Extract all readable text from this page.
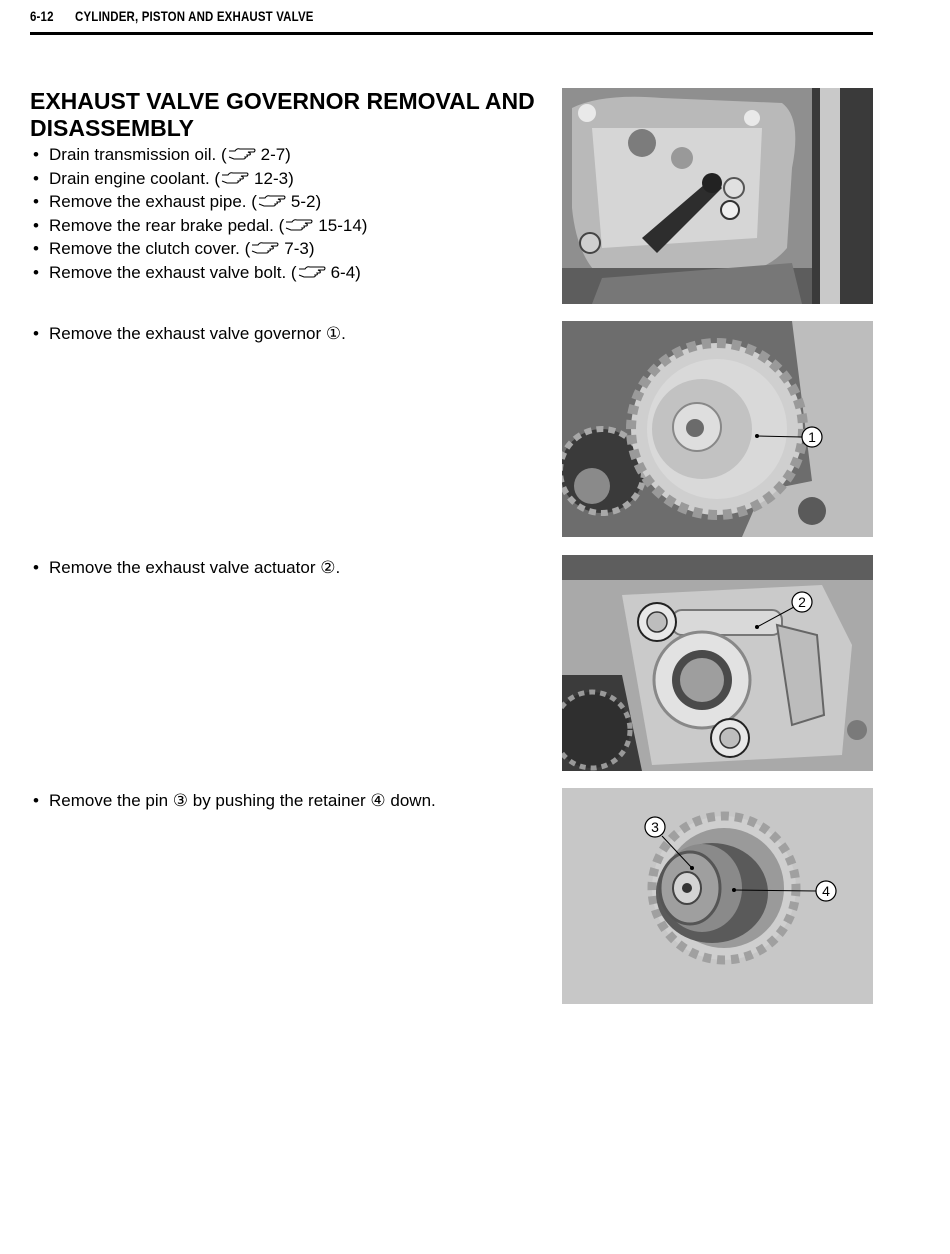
6-12 CYLINDER, PISTON AND EXHAUST VALVE
EXHAUST VALVE GOVERNOR REMOVAL AND DISASSEMBLY
• Drain transmission oil. ( 2-7)
• Drain engine coolant. ( 12-3)
• Remove the exhaust pipe. ( 5-2)
• Remove the rear brake pedal. ( 15-14)
• Remove the clutch cover. ( 7-3)
• Remove the exhaust valve bolt. ( 6-4)
• Remove the exhaust valve governor ①.
• Remove the exhaust valve actuator ②.
• Remove the pin ③ by pushing the retainer ④ down.
1
2
3
4
